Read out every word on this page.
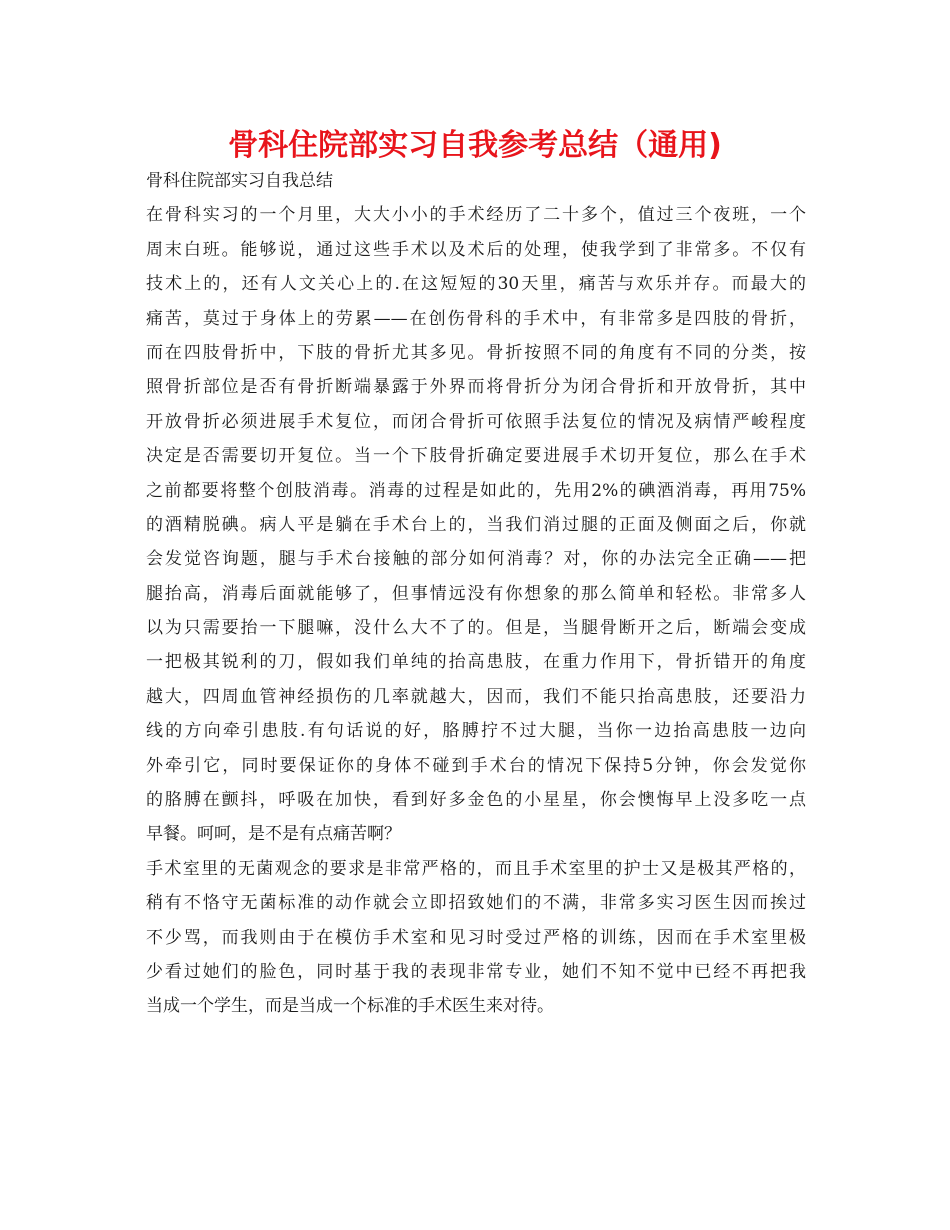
骨科住院部实习自我参考总结（通用)
骨科住院部实习自我总结
在骨科实习的一个月里，大大小小的手术经历了二十多个，值过三个夜班，一个
周末白班。能够说，通过这些手术以及术后的处理，使我学到了非常多。不仅有
技术上的，还有人文关心上的.在这短短的30天里，痛苦与欢乐并存。而最大的
痛苦，莫过于身体上的劳累——在创伤骨科的手术中，有非常多是四肢的骨折，
而在四肢骨折中，下肢的骨折尤其多见。骨折按照不同的角度有不同的分类，按
照骨折部位是否有骨折断端暴露于外界而将骨折分为闭合骨折和开放骨折，其中
开放骨折必须进展手术复位，而闭合骨折可依照手法复位的情况及病情严峻程度
决定是否需要切开复位。当一个下肢骨折确定要进展手术切开复位，那么在手术
之前都要将整个创肢消毒。消毒的过程是如此的，先用2%的碘酒消毒，再用75%
的酒精脱碘。病人平是躺在手术台上的，当我们消过腿的正面及侧面之后，你就
会发觉咨询题，腿与手术台接触的部分如何消毒？对，你的办法完全正确——把
腿抬高，消毒后面就能够了，但事情远没有你想象的那么简单和轻松。非常多人
以为只需要抬一下腿嘛，没什么大不了的。但是，当腿骨断开之后，断端会变成
一把极其锐利的刀，假如我们单纯的抬高患肢，在重力作用下，骨折错开的角度
越大，四周血管神经损伤的几率就越大，因而，我们不能只抬高患肢，还要沿力
线的方向牵引患肢.有句话说的好，胳膊拧不过大腿，当你一边抬高患肢一边向
外牵引它，同时要保证你的身体不碰到手术台的情况下保持5分钟，你会发觉你
的胳膊在颤抖，呼吸在加快，看到好多金色的小星星，你会懊悔早上没多吃一点
早餐。呵呵，是不是有点痛苦啊？
手术室里的无菌观念的要求是非常严格的，而且手术室里的护士又是极其严格的，
稍有不恪守无菌标准的动作就会立即招致她们的不满，非常多实习医生因而挨过
不少骂，而我则由于在模仿手术室和见习时受过严格的训练，因而在手术室里极
少看过她们的脸色，同时基于我的表现非常专业，她们不知不觉中已经不再把我
当成一个学生，而是当成一个标准的手术医生来对待。
